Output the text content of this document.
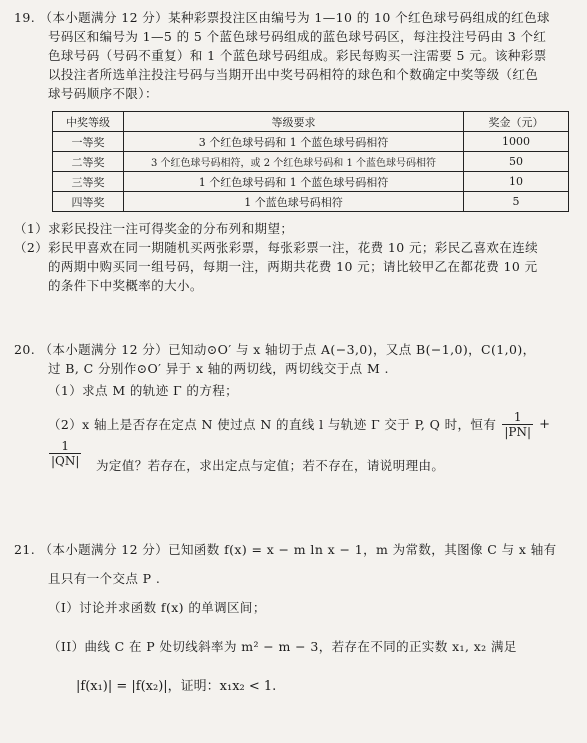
19. （本小题满分 12 分）某种彩票投注区由编号为 1—10 的 10 个红色球号码组成的红色球

号码区和编号为 1—5 的 5 个蓝色球号码组成的蓝色球号码区，每注投注号码由 3 个红

色球号码（号码不重复）和 1 个蓝色球号码组成。彩民每购买一注需要 5 元。该种彩票

以投注者所选单注投注号码与当期开出中奖号码相符的球色和个数确定中奖等级（红色

球号码顺序不限）：

中奖等级	等级要求	奖金（元）
一等奖	3 个红色球号码和 1 个蓝色球号码相符	1000
二等奖	3 个红色球号码相符，或 2 个红色球号码和 1 个蓝色球号码相符	50
三等奖	1 个红色球号码和 1 个蓝色球号码相符	10
四等奖	1 个蓝色球号码相符	5

（1）求彩民投注一注可得奖金的分布列和期望；

（2）彩民甲喜欢在同一期随机买两张彩票，每张彩票一注，花费 10 元；彩民乙喜欢在连续

的两期中购买同一组号码，每期一注，两期共花费 10 元；请比较甲乙在都花费 10 元

的条件下中奖概率的大小。

20. （本小题满分 12 分）已知动⊙O′ 与 x 轴切于点 A(−3,0)，又点 B(−1,0)，C(1,0)，

过 B, C 分别作⊙O′ 异于 x 轴的两切线，两切线交于点 M .

（1）求点 M 的轨迹 Γ 的方程；

（2）x 轴上是否存在定点 N 使过点 N 的直线 l 与轨迹 Γ 交于 P, Q 时，恒有 $\frac{1}{|PN|}$ +
$\frac{1}{|QN|}$ 为定值？若存在，求出定点与定值；若不存在，请说明理由。

21. （本小题满分 12 分）已知函数 f(x) = x − m ln x − 1，m 为常数，其图像 C 与 x 轴有

且只有一个交点 P .

（I）讨论并求函数 f(x) 的单调区间；

（II）曲线 C 在 P 处切线斜率为 m² − m − 3，若存在不同的正实数 x₁, x₂ 满足

|f(x₁)| = |f(x₂)|，证明：x₁x₂ < 1.
